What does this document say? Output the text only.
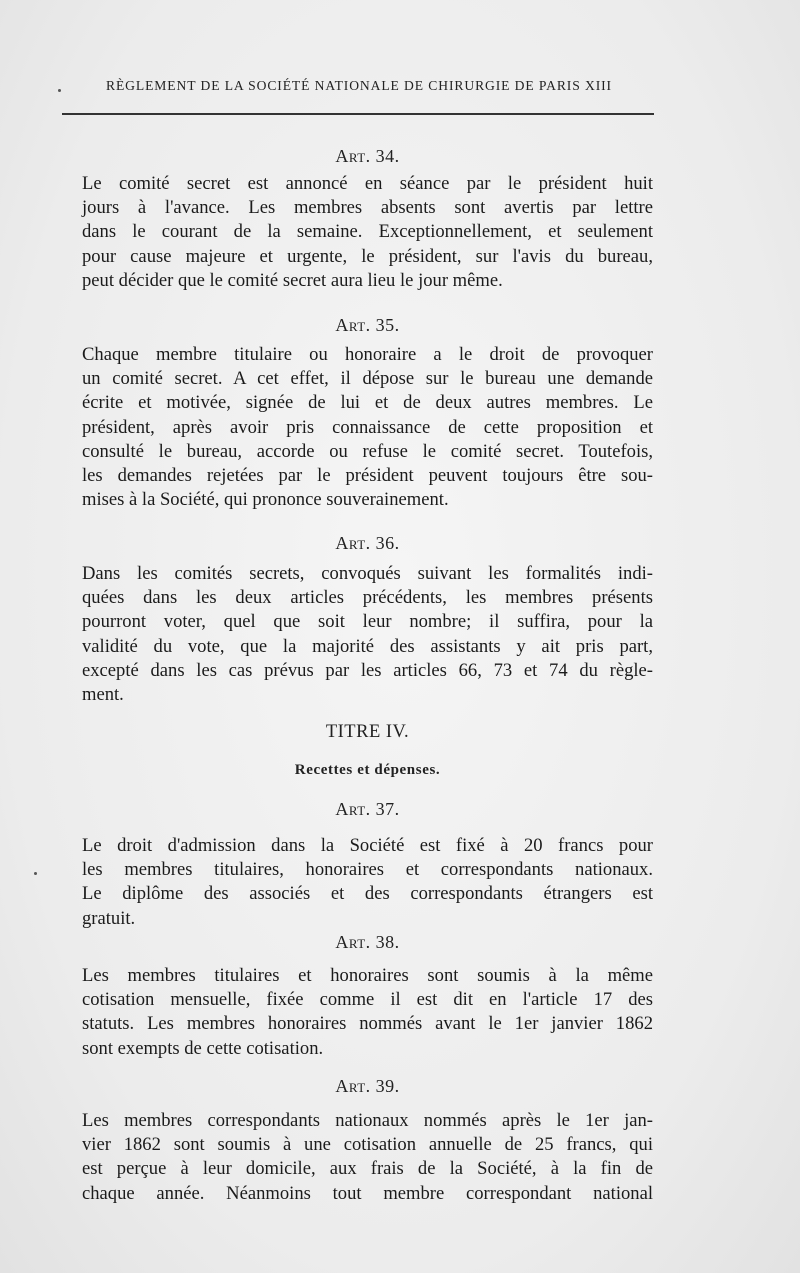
RÈGLEMENT DE LA SOCIÉTÉ NATIONALE DE CHIRURGIE DE PARIS XIII
Art. 34.
Le comité secret est annoncé en séance par le président huit
jours à l'avance. Les membres absents sont avertis par lettre
dans le courant de la semaine. Exceptionnellement, et seulement
pour cause majeure et urgente, le président, sur l'avis du bureau,
peut décider que le comité secret aura lieu le jour même.
Art. 35.
Chaque membre titulaire ou honoraire a le droit de provoquer
un comité secret. A cet effet, il dépose sur le bureau une demande
écrite et motivée, signée de lui et de deux autres membres. Le
président, après avoir pris connaissance de cette proposition et
consulté le bureau, accorde ou refuse le comité secret. Toutefois,
les demandes rejetées par le président peuvent toujours être sou-
mises à la Société, qui prononce souverainement.
Art. 36.
Dans les comités secrets, convoqués suivant les formalités indi-
quées dans les deux articles précédents, les membres présents
pourront voter, quel que soit leur nombre; il suffira, pour la
validité du vote, que la majorité des assistants y ait pris part,
excepté dans les cas prévus par les articles 66, 73 et 74 du règle-
ment.
TITRE IV.
Recettes et dépenses.
Art. 37.
Le droit d'admission dans la Société est fixé à 20 francs pour
les membres titulaires, honoraires et correspondants nationaux.
Le diplôme des associés et des correspondants étrangers est
gratuit.
Art. 38.
Les membres titulaires et honoraires sont soumis à la même
cotisation mensuelle, fixée comme il est dit en l'article 17 des
statuts. Les membres honoraires nommés avant le 1er janvier 1862
sont exempts de cette cotisation.
Art. 39.
Les membres correspondants nationaux nommés après le 1er jan-
vier 1862 sont soumis à une cotisation annuelle de 25 francs, qui
est perçue à leur domicile, aux frais de la Société, à la fin de
chaque année. Néanmoins tout membre correspondant national
